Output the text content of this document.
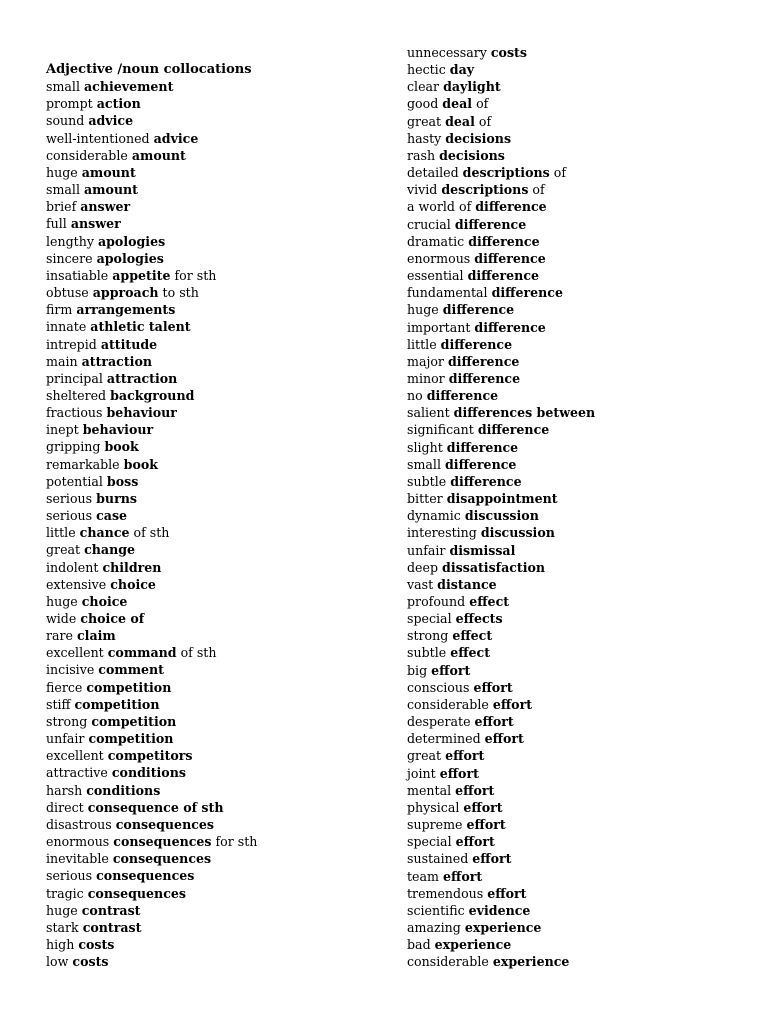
Adjective /noun collocations
small achievement
prompt action
sound advice
well-intentioned advice
considerable amount
huge amount
small amount
brief answer
full answer
lengthy apologies
sincere apologies
insatiable appetite for sth
obtuse approach to sth
firm arrangements
innate athletic talent
intrepid attitude
main attraction
principal attraction
sheltered background
fractious behaviour
inept behaviour
gripping book
remarkable book
potential boss
serious burns
serious case
little chance of sth
great change
indolent children
extensive choice
huge choice
wide choice of
rare claim
excellent command of sth
incisive comment
fierce competition
stiff competition
strong competition
unfair competition
excellent competitors
attractive conditions
harsh conditions
direct consequence of sth
disastrous consequences
enormous consequences for sth
inevitable consequences
serious consequences
tragic consequences
huge contrast
stark contrast
high costs
low costs
unnecessary costs
hectic day
clear daylight
good deal of
great deal of
hasty decisions
rash decisions
detailed descriptions of
vivid descriptions of
a world of difference
crucial difference
dramatic difference
enormous difference
essential difference
fundamental difference
huge difference
important difference
little difference
major difference
minor difference
no difference
salient differences between
significant difference
slight difference
small difference
subtle difference
bitter disappointment
dynamic discussion
interesting discussion
unfair dismissal
deep dissatisfaction
vast distance
profound effect
special effects
strong effect
subtle effect
big effort
conscious effort
considerable effort
desperate effort
determined effort
great effort
joint effort
mental effort
physical effort
supreme effort
special effort
sustained effort
team effort
tremendous effort
scientific evidence
amazing experience
bad experience
considerable experience
